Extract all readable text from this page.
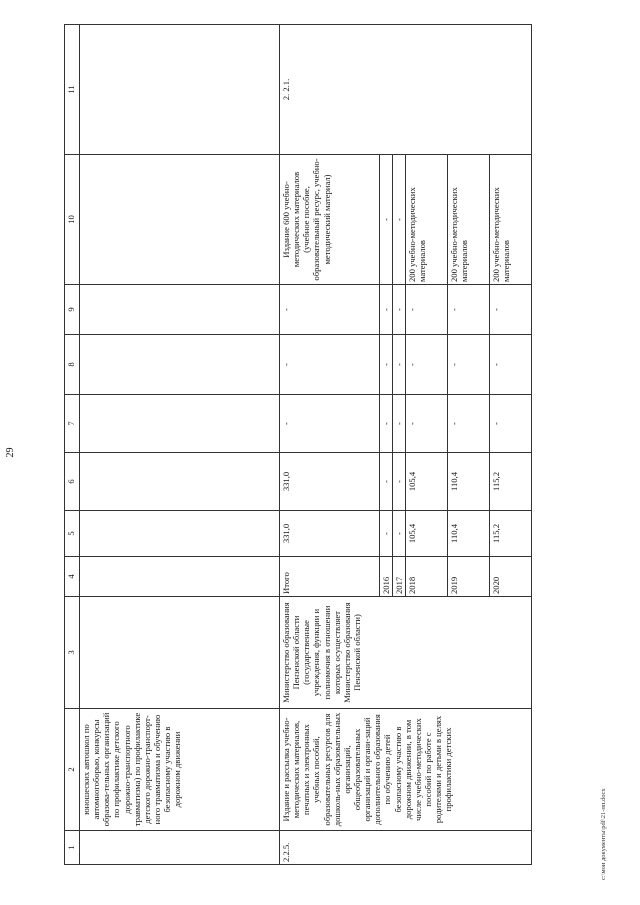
c:\мои документы\pdf\21-пп.docx
29
1	2	3	4	5	6	7	8	9	10	11
	юношеских автошкол по автомногоборью, конкурсы образова-тельных организаций по профилактике детского дорожно-транспортного травматизма) по профилактике детского дорожно-транспорт-ного травматизма и обучению безопасному участию в дорожном движении									
2.2.5.	Издание и рассылка учебно-методических материалов, печатных и электронных учебных пособий, образовательных ресурсов для дошколь-ных образовательных организаций, общеобразовательных организаций и органи-заций дополнительного образования по обучению детей безопасному участию в дорожном движении, в том числе учебно-методических пособий по работе с родителями и детьми в целях профилактики детских	Министерство образования Пензенской области (государственные учреждения, функции и полномочия в отношении которых осуществляет Министерство образования Пензенской области)	Итого	331,0	331,0	-	-	-	Издание 600 учебно-методических материалов (учебное пособие, образовательный ресурс, учебно-методический материал)	2. 2.1.
			2016	-	-	-	-	-	-	
			2017	-	-	-	-	-	-	
			2018	105,4	105,4	-	-	-	200 учебно-методических материалов	
			2019	110,4	110,4	-	-	-	200 учебно-методических материалов	
			2020	115,2	115,2	-	-	-	200 учебно-методических материалов	
